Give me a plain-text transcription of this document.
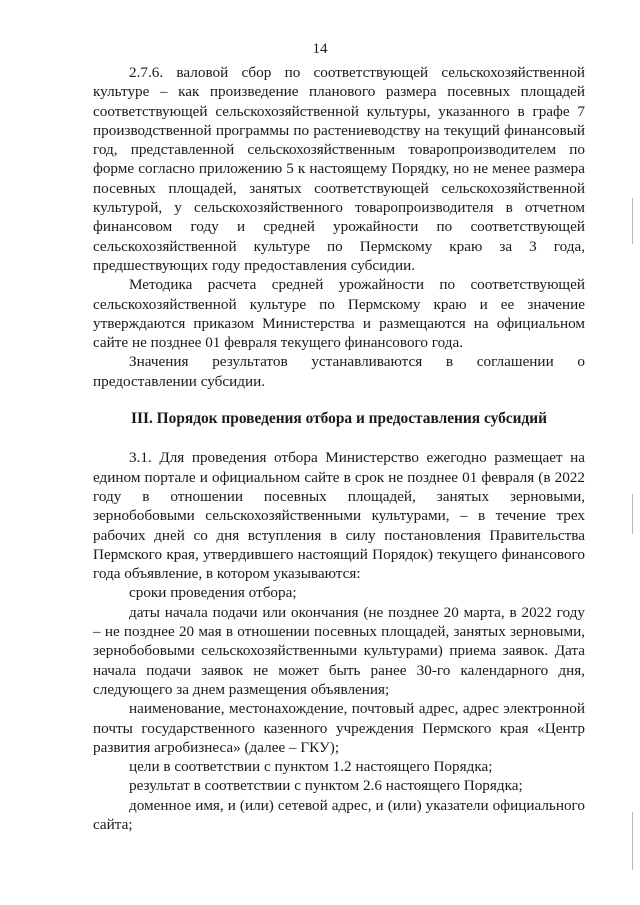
14

2.7.6. валовой сбор по соответствующей сельскохозяйственной культуре – как произведение планового размера посевных площадей соответствующей сельскохозяйственной культуры, указанного в графе 7 производственной программы по растениеводству на текущий финансовый год, представленной сельскохозяйственным товаропроизводителем по форме согласно приложению 5 к настоящему Порядку, но не менее размера посевных площадей, занятых соответствующей сельскохозяйственной культурой, у сельскохозяйственного товаропроизводителя в отчетном финансовом году и средней урожайности по соответствующей сельскохозяйственной культуре по Пермскому краю за 3 года, предшествующих году предоставления субсидии.

Методика расчета средней урожайности по соответствующей сельскохозяйственной культуре по Пермскому краю и ее значение утверждаются приказом Министерства и размещаются на официальном сайте не позднее 01 февраля текущего финансового года.

Значения результатов устанавливаются в соглашении о предоставлении субсидии.

III. Порядок проведения отбора и предоставления субсидий

3.1. Для проведения отбора Министерство ежегодно размещает на едином портале и официальном сайте в срок не позднее 01 февраля (в 2022 году в отношении посевных площадей, занятых зерновыми, зернобобовыми сельскохозяйственными культурами, – в течение трех рабочих дней со дня вступления в силу постановления Правительства Пермского края, утвердившего настоящий Порядок) текущего финансового года объявление, в котором указываются:

сроки проведения отбора;

даты начала подачи или окончания (не позднее 20 марта, в 2022 году – не позднее 20 мая в отношении посевных площадей, занятых зерновыми, зернобобовыми сельскохозяйственными культурами) приема заявок. Дата начала подачи заявок не может быть ранее 30-го календарного дня, следующего за днем размещения объявления;

наименование, местонахождение, почтовый адрес, адрес электронной почты государственного казенного учреждения Пермского края «Центр развития агробизнеса» (далее – ГКУ);

цели в соответствии с пунктом 1.2 настоящего Порядка;

результат в соответствии с пунктом 2.6 настоящего Порядка;

доменное имя, и (или) сетевой адрес, и (или) указатели официального сайта;
